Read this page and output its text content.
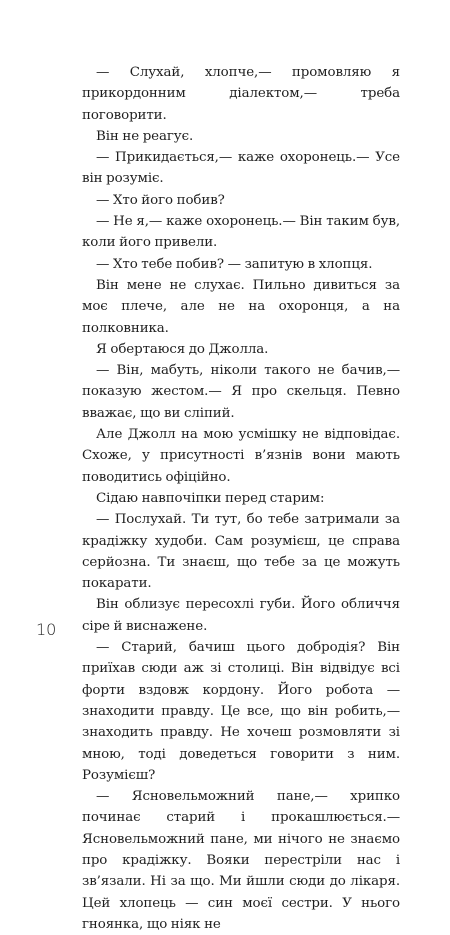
— Слухай, хлопче,— промовляю я прикордонним діалектом,— треба поговорити.

Він не реагує.

— Прикидається,— каже охоронець.— Усе він розуміє.

— Хто його побив?

— Не я,— каже охоронець.— Він таким був, коли його привели.

— Хто тебе побив? — запитую в хлопця.

Він мене не слухає. Пильно дивиться за моє плече, але не на охоронця, а на полковника.

Я обертаюся до Джолла.

— Він, мабуть, ніколи такого не бачив,— показую жестом.— Я про скельця. Певно вважає, що ви сліпий.

Але Джолл на мою усмішку не відповідає. Схоже, у присутності в’язнів вони мають поводитись офіційно.

Сідаю навпочіпки перед старим:

— Послухай. Ти тут, бо тебе затримали за крадіжку худоби. Сам розумієш, це справа серйозна. Ти знаєш, що тебе за це можуть покарати.

Він облизує пересохлі губи. Його обличчя сіре й виснажене.

— Старий, бачиш цього добродія? Він приїхав сюди аж зі столиці. Він відвідує всі форти вздовж кордону. Його робота — знаходити правду. Це все, що він робить,— знаходить правду. Не хочеш розмовляти зі мною, тоді доведеться говорити з ним. Розумієш?

— Ясновельможний пане,— хрипко починає старий і прокашлюється.— Ясновельможний пане, ми нічого не знаємо про крадіжку. Вояки перестріли нас і зв’язали. Ні за що. Ми йшли сюди до лікаря. Цей хлопець — син моєї сестри. У нього гноянка, що ніяк не

10
